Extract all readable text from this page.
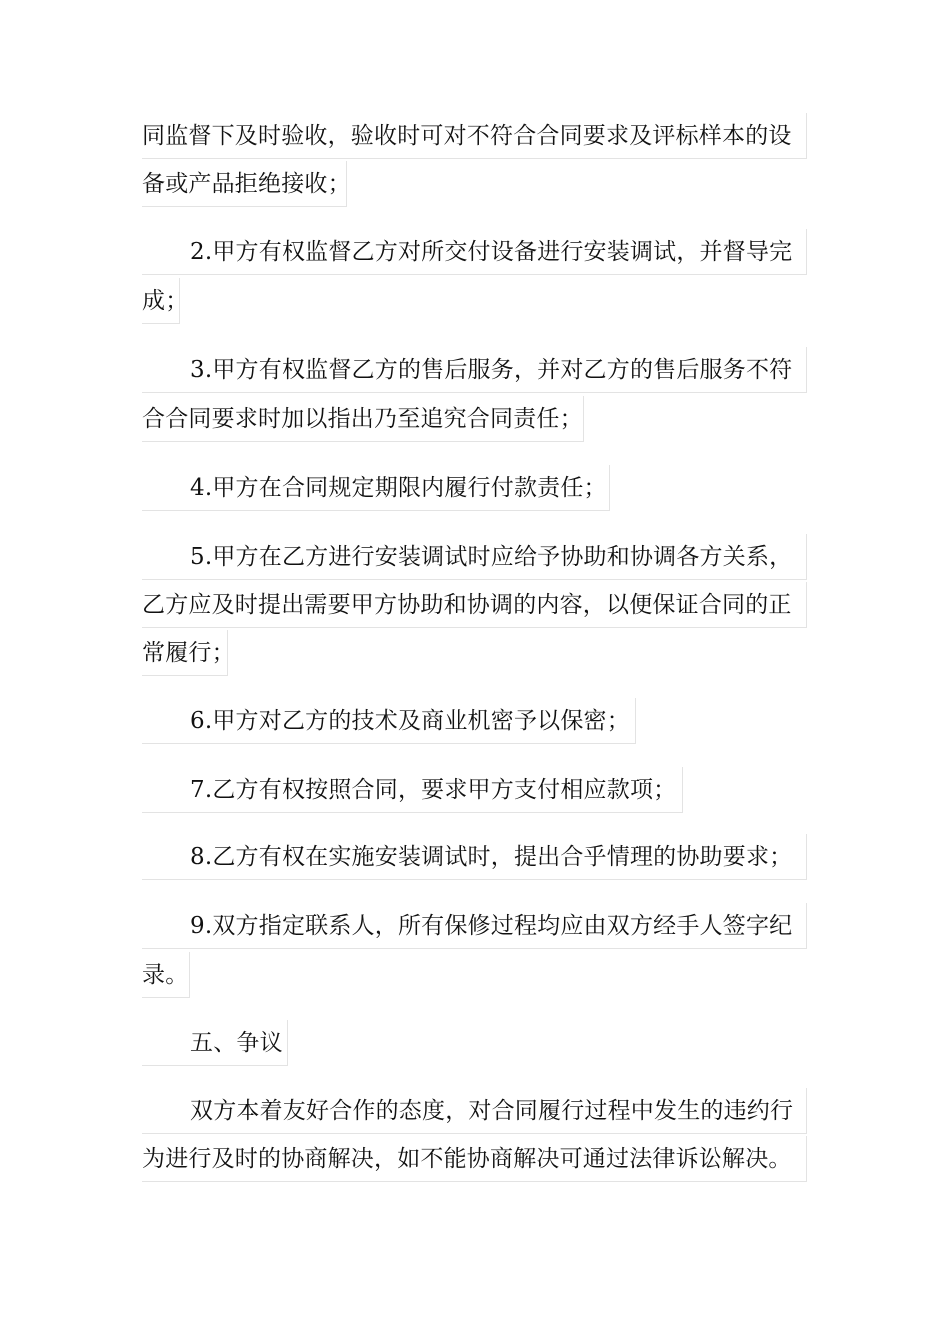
同监督下及时验收，验收时可对不符合合同要求及评标样本的设
备或产品拒绝接收；
2.甲方有权监督乙方对所交付设备进行安装调试，并督导完
成；
3.甲方有权监督乙方的售后服务，并对乙方的售后服务不符
合合同要求时加以指出乃至追究合同责任；
4.甲方在合同规定期限内履行付款责任；
5.甲方在乙方进行安装调试时应给予协助和协调各方关系，
乙方应及时提出需要甲方协助和协调的内容，以便保证合同的正
常履行；
6.甲方对乙方的技术及商业机密予以保密；
7.乙方有权按照合同，要求甲方支付相应款项；
8.乙方有权在实施安装调试时，提出合乎情理的协助要求；
9.双方指定联系人，所有保修过程均应由双方经手人签字纪
录。
五、争议
双方本着友好合作的态度，对合同履行过程中发生的违约行
为进行及时的协商解决，如不能协商解决可通过法律诉讼解决。
